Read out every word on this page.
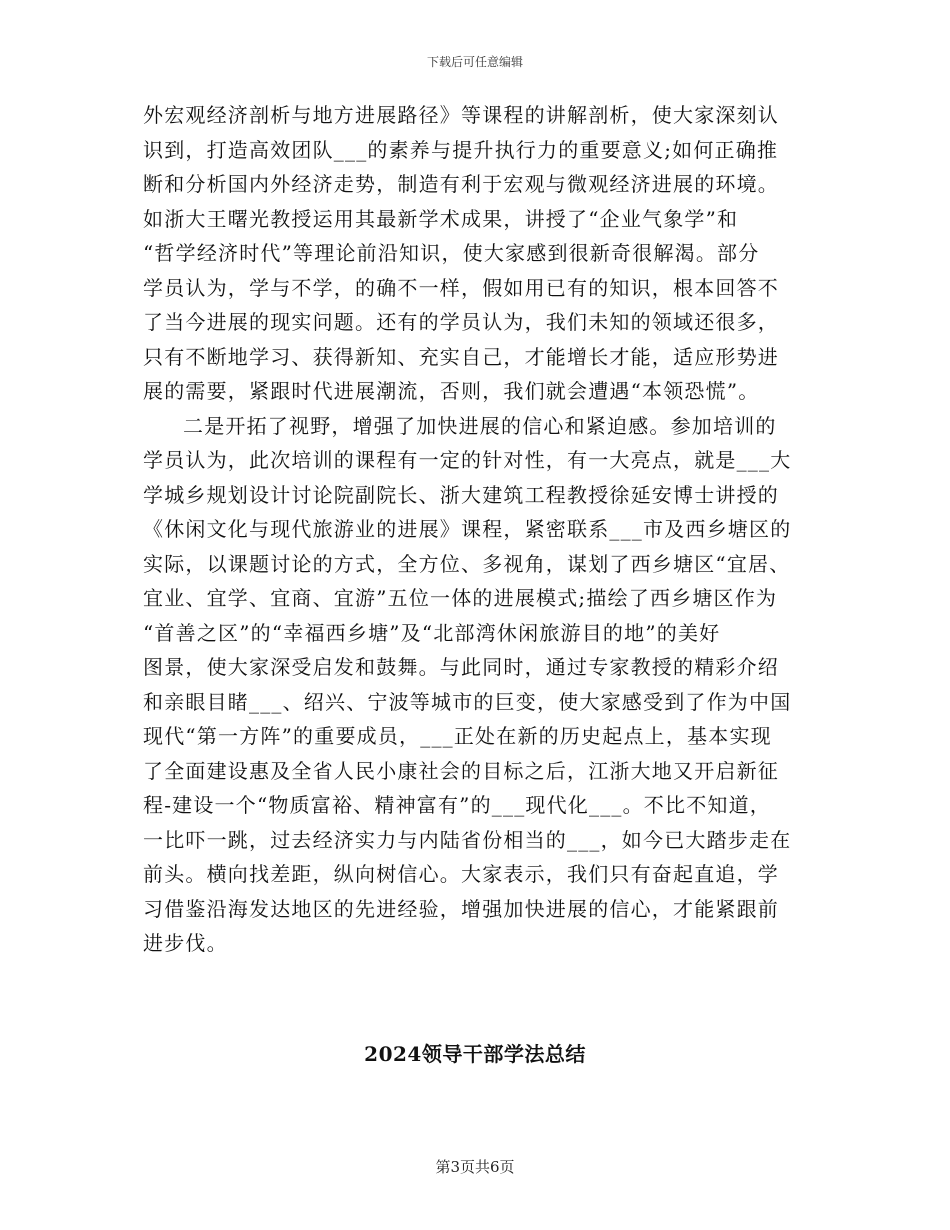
下载后可任意编辑
外宏观经济剖析与地方进展路径》等课程的讲解剖析，使大家深刻认
识到，打造高效团队___的素养与提升执行力的重要意义;如何正确推
断和分析国内外经济走势，制造有利于宏观与微观经济进展的环境。
如浙大王曙光教授运用其最新学术成果，讲授了“企业气象学”和
“哲学经济时代”等理论前沿知识，使大家感到很新奇很解渴。部分
学员认为，学与不学，的确不一样，假如用已有的知识，根本回答不
了当今进展的现实问题。还有的学员认为，我们未知的领域还很多，
只有不断地学习、获得新知、充实自己，才能增长才能，适应形势进
展的需要，紧跟时代进展潮流，否则，我们就会遭遇“本领恐慌”。
二是开拓了视野，增强了加快进展的信心和紧迫感。参加培训的
学员认为，此次培训的课程有一定的针对性，有一大亮点，就是___大
学城乡规划设计讨论院副院长、浙大建筑工程教授徐延安博士讲授的
《休闲文化与现代旅游业的进展》课程，紧密联系___市及西乡塘区的
实际，以课题讨论的方式，全方位、多视角，谋划了西乡塘区“宜居、
宜业、宜学、宜商、宜游”五位一体的进展模式;描绘了西乡塘区作为
“首善之区”的“幸福西乡塘”及“北部湾休闲旅游目的地”的美好
图景，使大家深受启发和鼓舞。与此同时，通过专家教授的精彩介绍
和亲眼目睹___、绍兴、宁波等城市的巨变，使大家感受到了作为中国
现代“第一方阵”的重要成员，___正处在新的历史起点上，基本实现
了全面建设惠及全省人民小康社会的目标之后，江浙大地又开启新征
程-建设一个“物质富裕、精神富有”的___现代化___。不比不知道，
一比吓一跳，过去经济实力与内陆省份相当的___，如今已大踏步走在
前头。横向找差距，纵向树信心。大家表示，我们只有奋起直追，学
习借鉴沿海发达地区的先进经验，增强加快进展的信心，才能紧跟前
进步伐。
2024领导干部学法总结
第3页共6页
